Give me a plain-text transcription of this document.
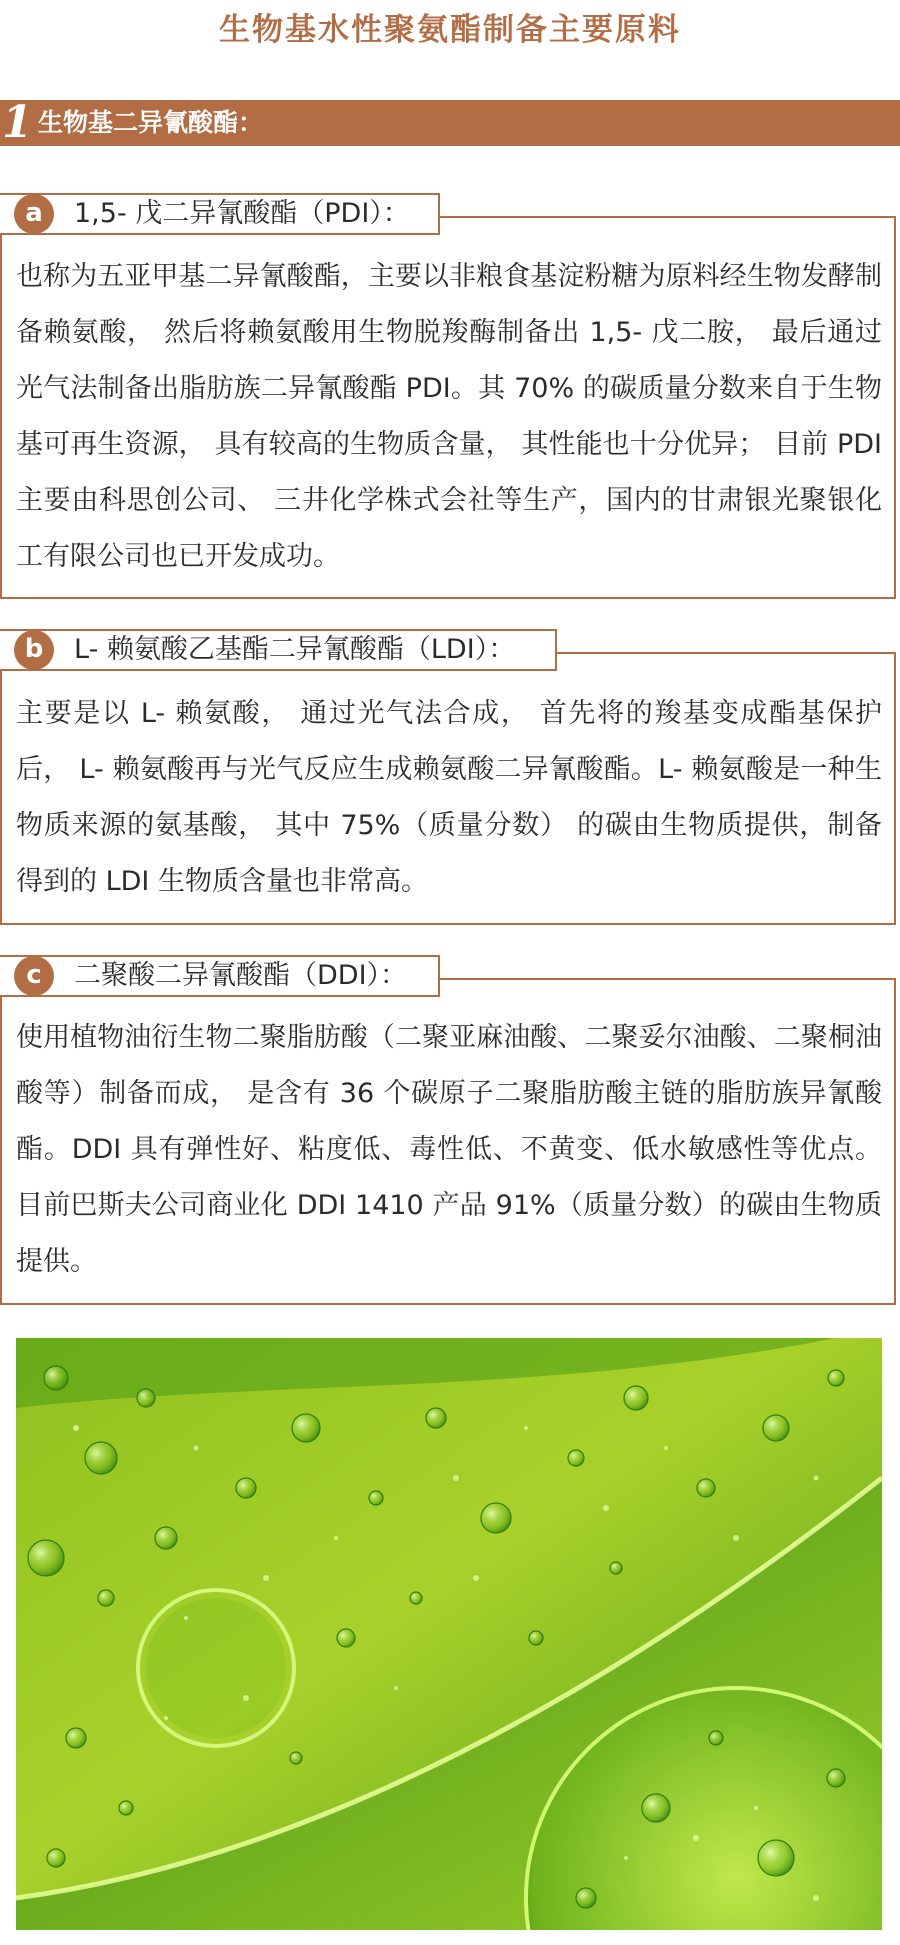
生物基水性聚氨酯制备主要原料
1 生物基二异氰酸酯：
a	1,5- 戊二异氰酸酯（PDI）：

也称为五亚甲基二异氰酸酯，主要以非粮食基淀粉糖为原料经生物发酵制备赖氨酸， 然后将赖氨酸用生物脱羧酶制备出 1,5- 戊二胺， 最后通过光气法制备出脂肪族二异氰酸酯 PDI。其 70% 的碳质量分数来自于生物基可再生资源， 具有较高的生物质含量， 其性能也十分优异； 目前 PDI 主要由科思创公司、 三井化学株式会社等生产，国内的甘肃银光聚银化工有限公司也已开发成功。

b	L- 赖氨酸乙基酯二异氰酸酯（LDI）：

主要是以 L- 赖氨酸， 通过光气法合成， 首先将的羧基变成酯基保护后， L- 赖氨酸再与光气反应生成赖氨酸二异氰酸酯。L- 赖氨酸是一种生物质来源的氨基酸， 其中 75%（质量分数） 的碳由生物质提供，制备得到的 LDI 生物质含量也非常高。

c	二聚酸二异氰酸酯（DDI）：

使用植物油衍生物二聚脂肪酸（二聚亚麻油酸、二聚妥尔油酸、二聚桐油酸等）制备而成， 是含有 36 个碳原子二聚脂肪酸主链的脂肪族异氰酸酯。DDI 具有弹性好、粘度低、毒性低、不黄变、低水敏感性等优点。目前巴斯夫公司商业化 DDI 1410 产品 91%（质量分数）的碳由生物质提供。
